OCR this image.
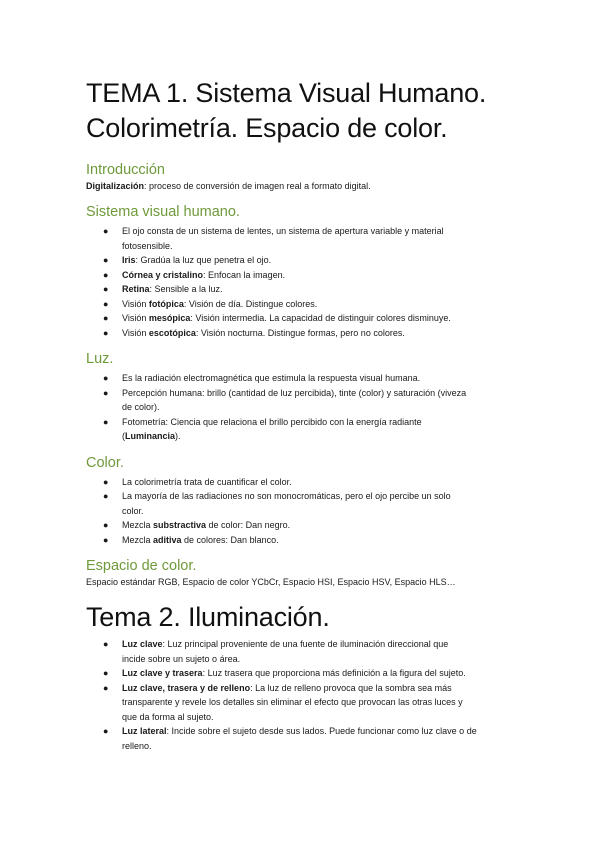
TEMA 1. Sistema Visual Humano.
Colorimetría. Espacio de color.
Introducción

Digitalización: proceso de conversión de imagen real a formato digital.

Sistema visual humano.
● El ojo consta de un sistema de lentes, un sistema de apertura variable y material
fotosensible.
● Iris: Gradúa la luz que penetra el ojo.
● Córnea y cristalino: Enfocan la imagen.
● Retina: Sensible a la luz.
● Visión fotópica: Visión de día. Distingue colores.
● Visión mesópica: Visión intermedia. La capacidad de distinguir colores disminuye.
● Visión escotópica: Visión nocturna. Distingue formas, pero no colores.
Luz.
● Es la radiación electromagnética que estimula la respuesta visual humana.
● Percepción humana: brillo (cantidad de luz percibida), tinte (color) y saturación (viveza
de color).
● Fotometría: Ciencia que relaciona el brillo percibido con la energía radiante
(Luminancia).
Color.
● La colorimetría trata de cuantificar el color.
● La mayoría de las radiaciones no son monocromáticas, pero el ojo percibe un solo
color.
● Mezcla substractiva de color: Dan negro.
● Mezcla aditiva de colores: Dan blanco.
Espacio de color.

Espacio estándar RGB, Espacio de color YCbCr, Espacio HSI, Espacio HSV, Espacio HLS…

Tema 2. Iluminación.
● Luz clave: Luz principal proveniente de una fuente de iluminación direccional que
incide sobre un sujeto o área.
● Luz clave y trasera: Luz trasera que proporciona más definición a la figura del sujeto.
● Luz clave, trasera y de relleno: La luz de relleno provoca que la sombra sea más
transparente y revele los detalles sin eliminar el efecto que provocan las otras luces y
que da forma al sujeto.
● Luz lateral: Incide sobre el sujeto desde sus lados. Puede funcionar como luz clave o de
relleno.
